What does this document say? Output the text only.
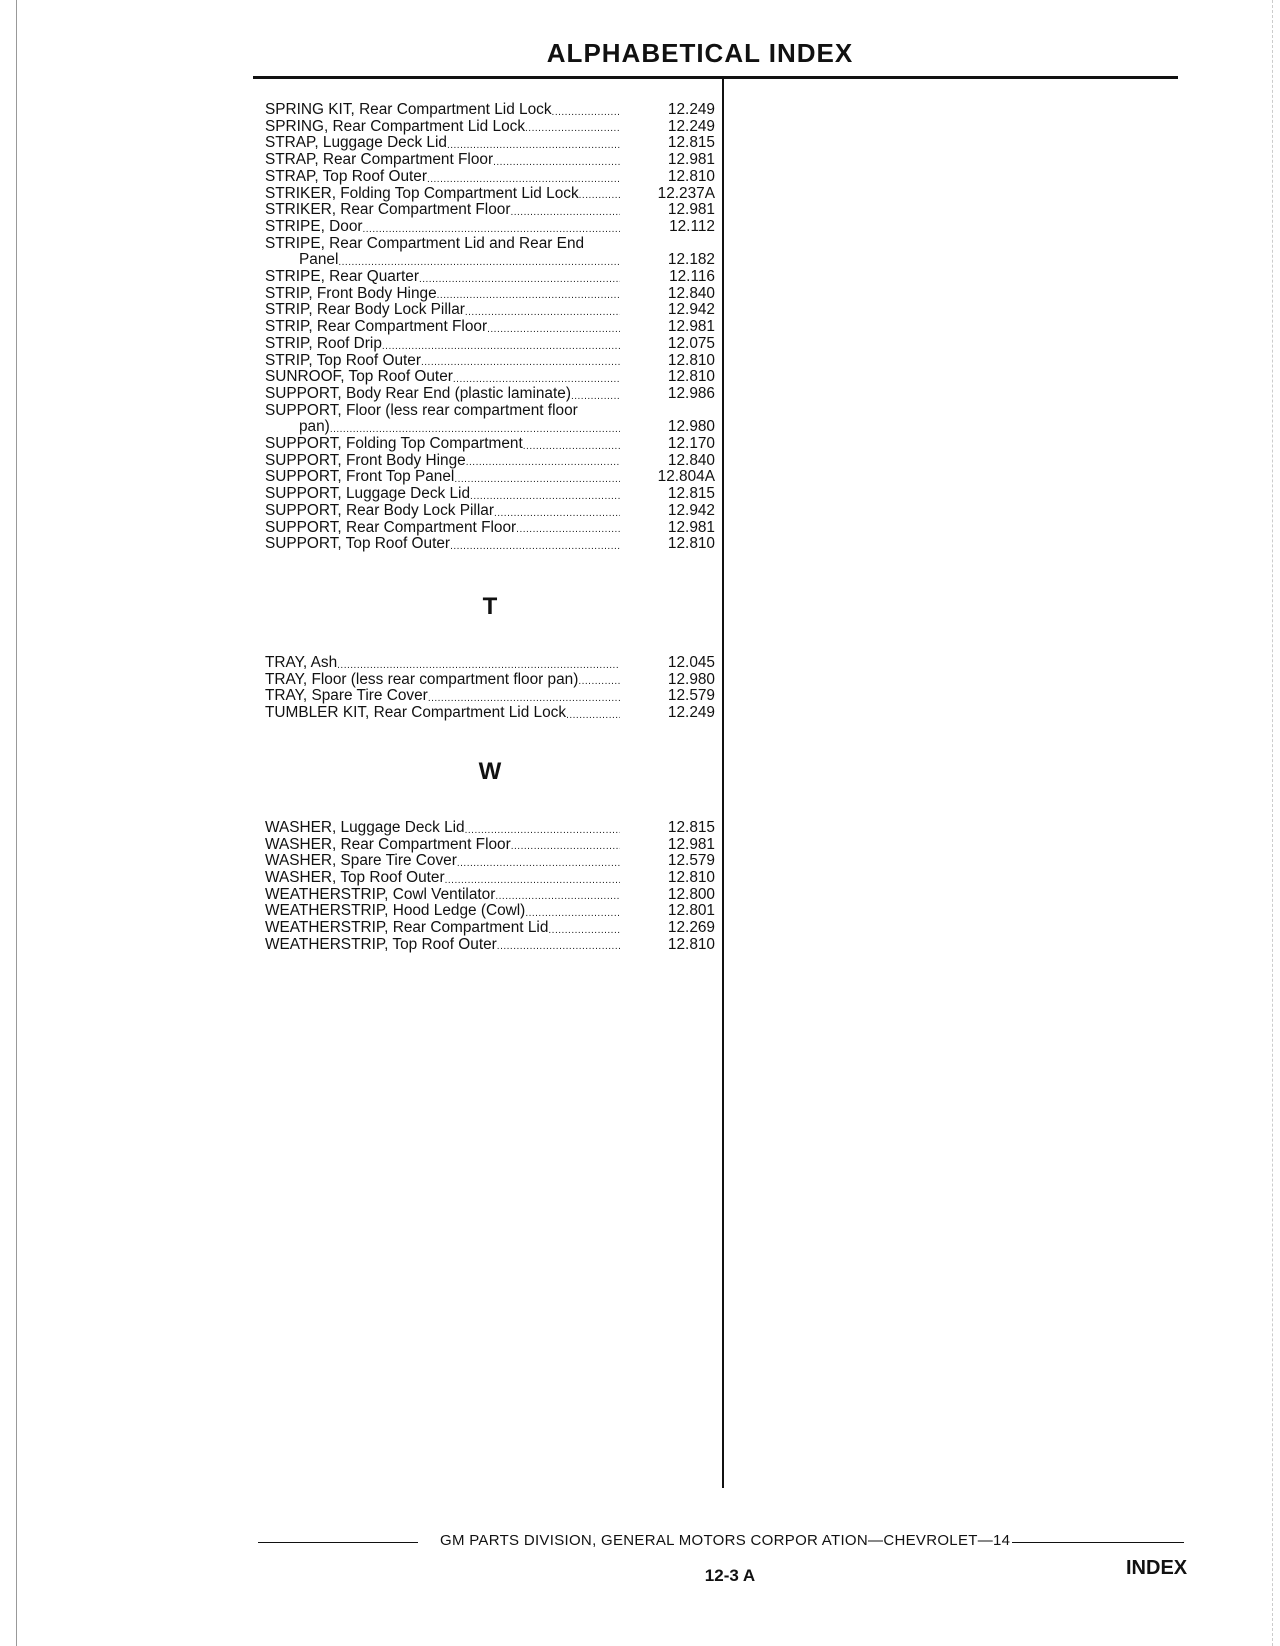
ALPHABETICAL INDEX
SPRING KIT, Rear Compartment Lid Lock .....	12.249
SPRING, Rear Compartment Lid Lock .....	12.249
STRAP, Luggage Deck Lid .....	12.815
STRAP, Rear Compartment Floor .....	12.981
STRAP, Top Roof Outer .....	12.810
STRIKER, Folding Top Compartment Lid Lock .....	12.237A
STRIKER, Rear Compartment Floor .....	12.981
STRIPE, Door .....	12.112
STRIPE, Rear Compartment Lid and Rear End
Panel .....	12.182
STRIPE, Rear Quarter .....	12.116
STRIP, Front Body Hinge .....	12.840
STRIP, Rear Body Lock Pillar .....	12.942
STRIP, Rear Compartment Floor .....	12.981
STRIP, Roof Drip .....	12.075
STRIP, Top Roof Outer .....	12.810
SUNROOF, Top Roof Outer .....	12.810
SUPPORT, Body Rear End (plastic laminate) .....	12.986
SUPPORT, Floor (less rear compartment floor
pan) .....	12.980
SUPPORT, Folding Top Compartment .....	12.170
SUPPORT, Front Body Hinge .....	12.840
SUPPORT, Front Top Panel .....	12.804A
SUPPORT, Luggage Deck Lid .....	12.815
SUPPORT, Rear Body Lock Pillar .....	12.942
SUPPORT, Rear Compartment Floor .....	12.981
SUPPORT, Top Roof Outer .....	12.810
T
TRAY, Ash .....	12.045
TRAY, Floor (less rear compartment floor pan) .....	12.980
TRAY, Spare Tire Cover .....	12.579
TUMBLER KIT, Rear Compartment Lid Lock .....	12.249
W
WASHER, Luggage Deck Lid .....	12.815
WASHER, Rear Compartment Floor .....	12.981
WASHER, Spare Tire Cover .....	12.579
WASHER, Top Roof Outer .....	12.810
WEATHERSTRIP, Cowl Ventilator .....	12.800
WEATHERSTRIP, Hood Ledge (Cowl) .....	12.801
WEATHERSTRIP, Rear Compartment Lid .....	12.269
WEATHERSTRIP, Top Roof Outer .....	12.810
GM PARTS DIVISION, GENERAL MOTORS CORPOR ATION—CHEVROLET—14
12-3 A	INDEX
